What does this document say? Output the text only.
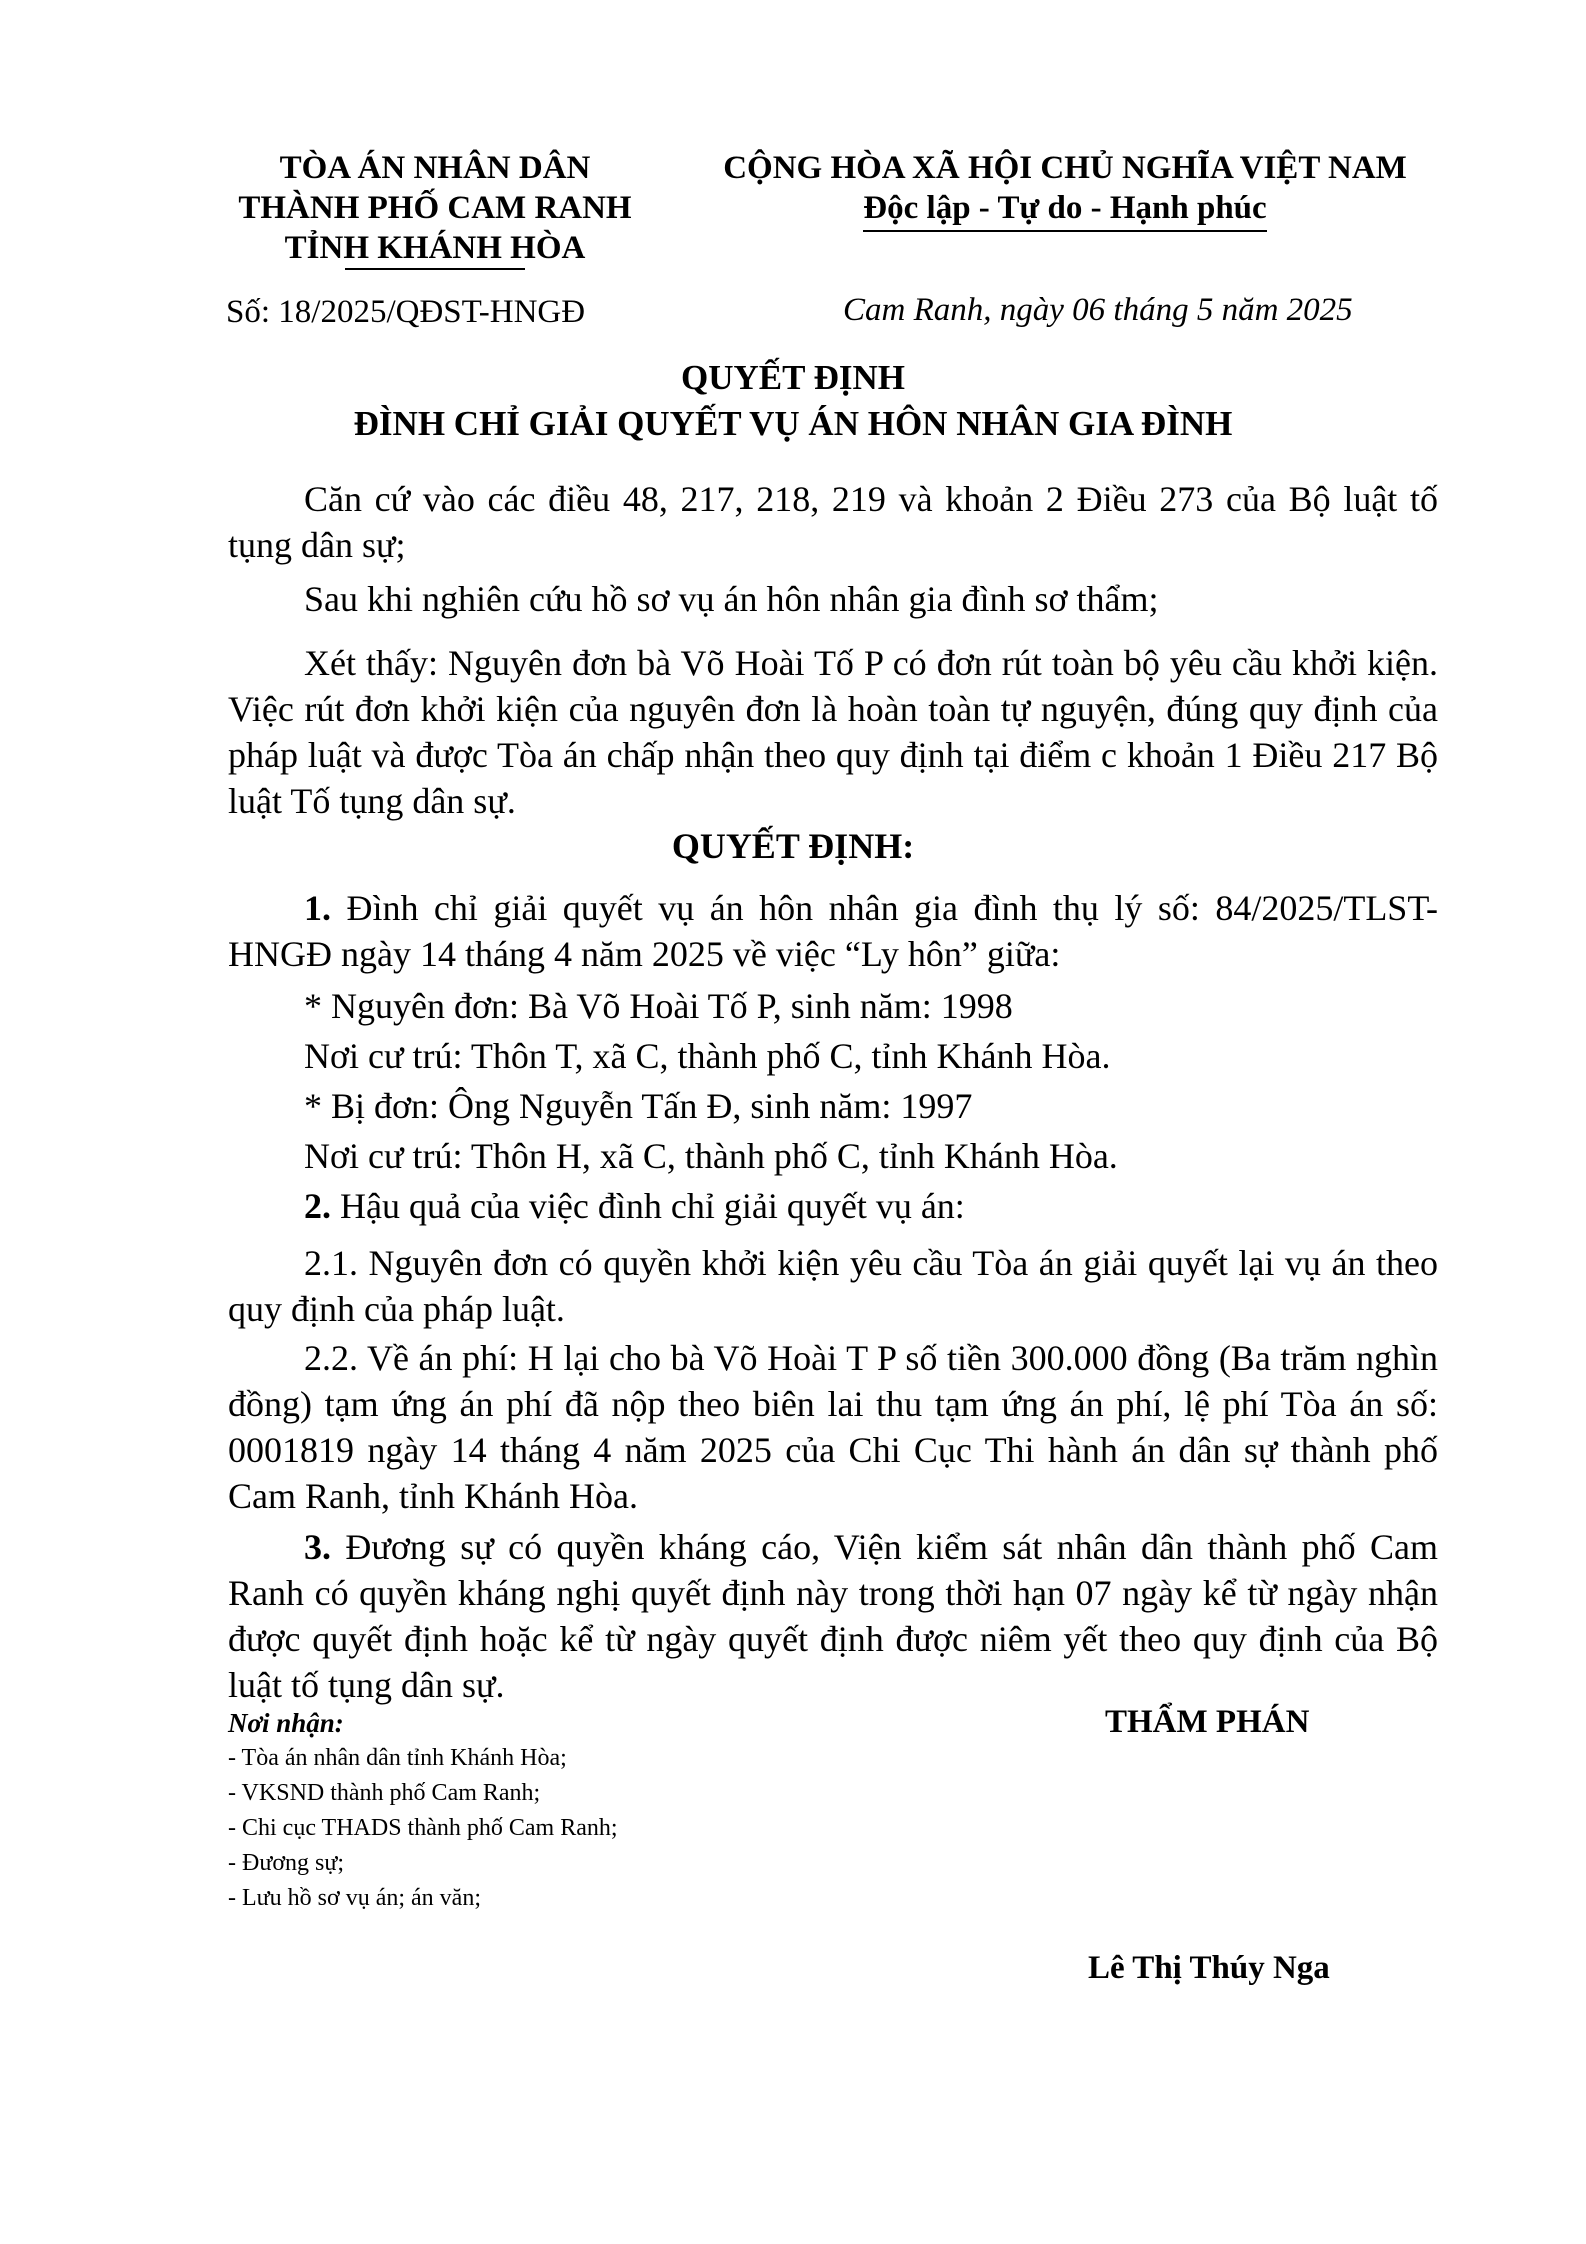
TÒA ÁN NHÂN DÂN
THÀNH PHỐ CAM RANH
TỈNH KHÁNH HÒA
CỘNG HÒA XÃ HỘI CHỦ NGHĨA VIỆT NAM
Độc lập - Tự do - Hạnh phúc
Số: 18/2025/QĐST-HNGĐ	Cam Ranh, ngày 06 tháng 5 năm 2025
QUYẾT ĐỊNH
ĐÌNH CHỈ GIẢI QUYẾT VỤ ÁN HÔN NHÂN GIA ĐÌNH
Căn cứ vào các điều 48, 217, 218, 219 và khoản 2 Điều 273 của Bộ luật tố tụng dân sự;
Sau khi nghiên cứu hồ sơ vụ án hôn nhân gia đình sơ thẩm;
Xét thấy: Nguyên đơn bà Võ Hoài Tố P có đơn rút toàn bộ yêu cầu khởi kiện. Việc rút đơn khởi kiện của nguyên đơn là hoàn toàn tự nguyện, đúng quy định của pháp luật và được Tòa án chấp nhận theo quy định tại điểm c khoản 1 Điều 217 Bộ luật Tố tụng dân sự.
QUYẾT ĐỊNH:
1. Đình chỉ giải quyết vụ án hôn nhân gia đình thụ lý số: 84/2025/TLST-HNGĐ ngày 14 tháng 4 năm 2025 về việc “Ly hôn” giữa:
* Nguyên đơn: Bà Võ Hoài Tố P, sinh năm: 1998
Nơi cư trú: Thôn T, xã C, thành phố C, tỉnh Khánh Hòa.
* Bị đơn: Ông Nguyễn Tấn Đ, sinh năm: 1997
Nơi cư trú: Thôn H, xã C, thành phố C, tỉnh Khánh Hòa.
2. Hậu quả của việc đình chỉ giải quyết vụ án:
2.1. Nguyên đơn có quyền khởi kiện yêu cầu Tòa án giải quyết lại vụ án theo quy định của pháp luật.
2.2. Về án phí: H lại cho bà Võ Hoài T P số tiền 300.000 đồng (Ba trăm nghìn đồng) tạm ứng án phí đã nộp theo biên lai thu tạm ứng án phí, lệ phí Tòa án số: 0001819 ngày 14 tháng 4 năm 2025 của Chi Cục Thi hành án dân sự thành phố Cam Ranh, tỉnh Khánh Hòa.
3. Đương sự có quyền kháng cáo, Viện kiểm sát nhân dân thành phố Cam Ranh có quyền kháng nghị quyết định này trong thời hạn 07 ngày kể từ ngày nhận được quyết định hoặc kể từ ngày quyết định được niêm yết theo quy định của Bộ luật tố tụng dân sự.
Nơi nhận:
- Tòa án nhân dân tỉnh Khánh Hòa;
- VKSND thành phố Cam Ranh;
- Chi cục THADS thành phố Cam Ranh;
- Đương sự;
- Lưu hồ sơ vụ án; án văn;
THẨM PHÁN
Lê Thị Thúy Nga
